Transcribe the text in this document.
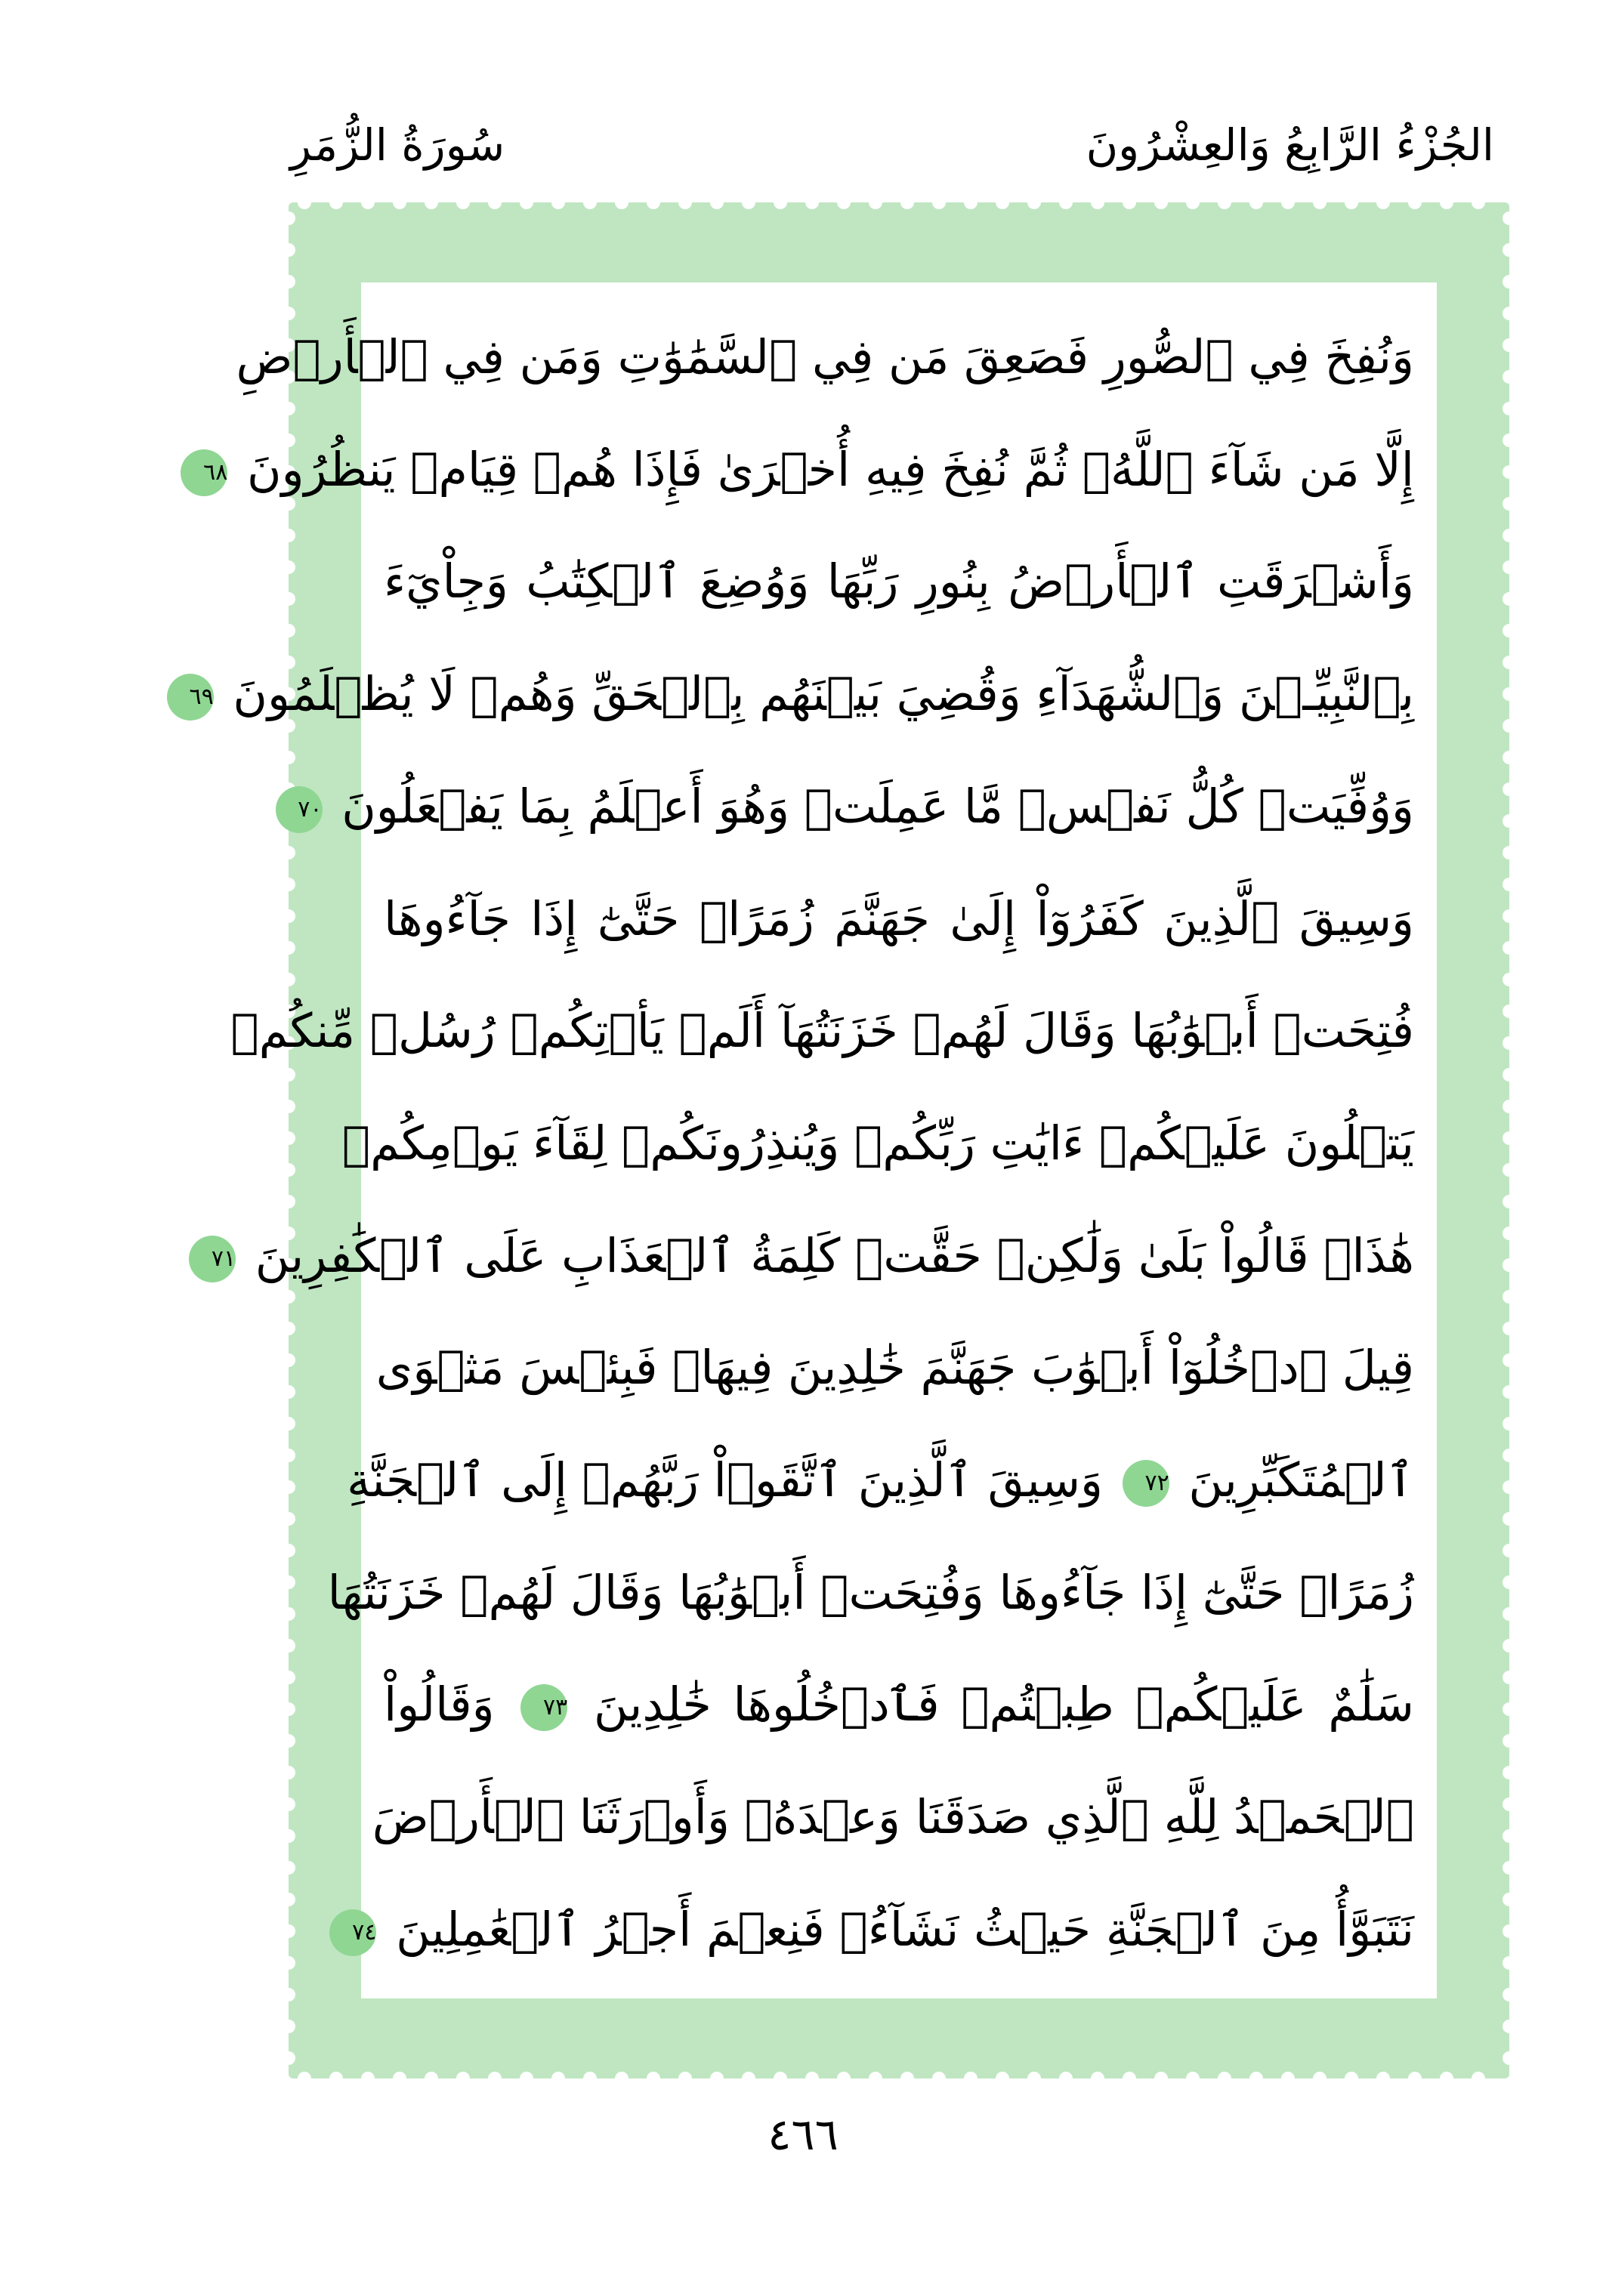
الجُزْءُ الرَّابِعُ وَالعِشْرُونَ
سُورَةُ الزُّمَرِ
وَنُفِخَ فِي ٱلصُّورِ فَصَعِقَ مَن فِي ٱلسَّمَٰوَٰتِ وَمَن فِي ٱلۡأَرۡضِ
إِلَّا مَن شَآءَ ٱللَّهُۖ ثُمَّ نُفِخَ فِيهِ أُخۡرَىٰ فَإِذَا هُمۡ قِيَامٞ يَنظُرُونَ ٦٨
وَأَشۡرَقَتِ ٱلۡأَرۡضُ بِنُورِ رَبِّهَا وَوُضِعَ ٱلۡكِتَٰبُ وَجِاْيٓءَ
بِٱلنَّبِيِّـۧنَ وَٱلشُّهَدَآءِ وَقُضِيَ بَيۡنَهُم بِٱلۡحَقِّ وَهُمۡ لَا يُظۡلَمُونَ ٦٩
وَوُفِّيَتۡ كُلُّ نَفۡسٖ مَّا عَمِلَتۡ وَهُوَ أَعۡلَمُ بِمَا يَفۡعَلُونَ ٧٠
وَسِيقَ ٱلَّذِينَ كَفَرُوٓاْ إِلَىٰ جَهَنَّمَ زُمَرًاۖ حَتَّىٰٓ إِذَا جَآءُوهَا
فُتِحَتۡ أَبۡوَٰبُهَا وَقَالَ لَهُمۡ خَزَنَتُهَآ أَلَمۡ يَأۡتِكُمۡ رُسُلٞ مِّنكُمۡ
يَتۡلُونَ عَلَيۡكُمۡ ءَايَٰتِ رَبِّكُمۡ وَيُنذِرُونَكُمۡ لِقَآءَ يَوۡمِكُمۡ
هَٰذَاۚ قَالُواْ بَلَىٰ وَلَٰكِنۡ حَقَّتۡ كَلِمَةُ ٱلۡعَذَابِ عَلَى ٱلۡكَٰفِرِينَ ٧١
قِيلَ ٱدۡخُلُوٓاْ أَبۡوَٰبَ جَهَنَّمَ خَٰلِدِينَ فِيهَاۖ فَبِئۡسَ مَثۡوَى
ٱلۡمُتَكَبِّرِينَ ٧٢ وَسِيقَ ٱلَّذِينَ ٱتَّقَوۡاْ رَبَّهُمۡ إِلَى ٱلۡجَنَّةِ
زُمَرًاۖ حَتَّىٰٓ إِذَا جَآءُوهَا وَفُتِحَتۡ أَبۡوَٰبُهَا وَقَالَ لَهُمۡ خَزَنَتُهَا
سَلَٰمٌ عَلَيۡكُمۡ طِبۡتُمۡ فَٱدۡخُلُوهَا خَٰلِدِينَ ٧٣ وَقَالُواْ
ٱلۡحَمۡدُ لِلَّهِ ٱلَّذِي صَدَقَنَا وَعۡدَهُۥ وَأَوۡرَثَنَا ٱلۡأَرۡضَ
نَتَبَوَّأُ مِنَ ٱلۡجَنَّةِ حَيۡثُ نَشَآءُۖ فَنِعۡمَ أَجۡرُ ٱلۡعَٰمِلِينَ ٧٤
٤٦٦
